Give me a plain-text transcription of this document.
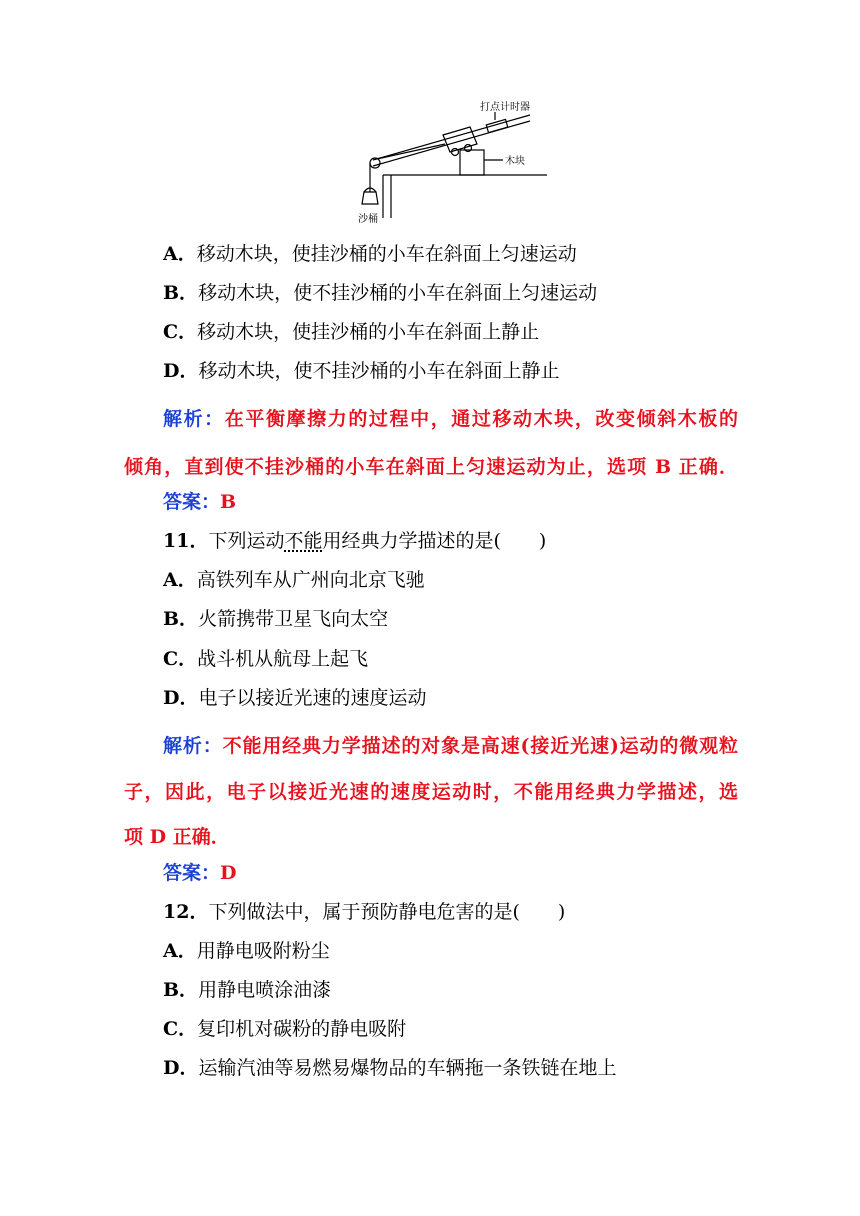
打点计时器
木块
沙桶
A．移动木块，使挂沙桶的小车在斜面上匀速运动
B．移动木块，使不挂沙桶的小车在斜面上匀速运动
C．移动木块，使挂沙桶的小车在斜面上静止
D．移动木块，使不挂沙桶的小车在斜面上静止
解析：在平衡摩擦力的过程中，通过移动木块，改变倾斜木板的
倾角，直到使不挂沙桶的小车在斜面上匀速运动为止，选项 B 正确．
答案：B
11．下列运动不能用经典力学描述的是(　　)
A．高铁列车从广州向北京飞驰
B．火箭携带卫星飞向太空
C．战斗机从航母上起飞
D．电子以接近光速的速度运动
解析：不能用经典力学描述的对象是高速(接近光速)运动的微观粒
子，因此，电子以接近光速的速度运动时，不能用经典力学描述，选
项 D 正确．
答案：D
12．下列做法中，属于预防静电危害的是(　　)
A．用静电吸附粉尘
B．用静电喷涂油漆
C．复印机对碳粉的静电吸附
D．运输汽油等易燃易爆物品的车辆拖一条铁链在地上
